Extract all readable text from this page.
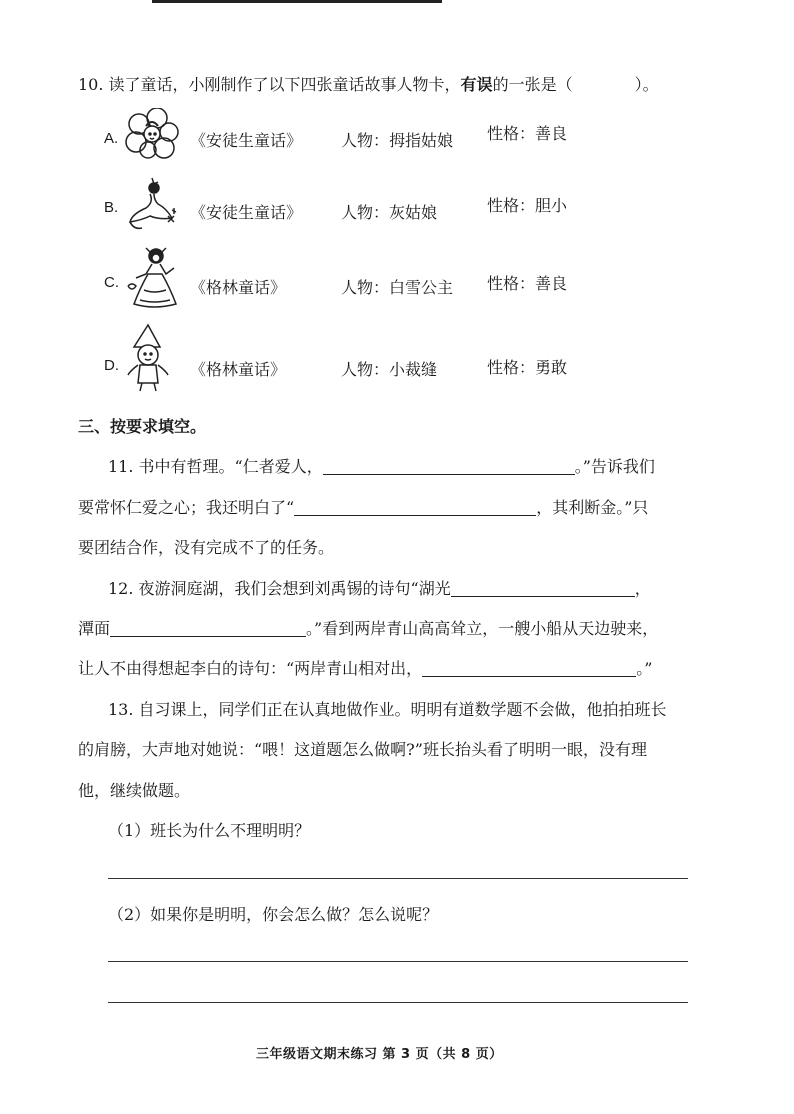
10. 读了童话，小刚制作了以下四张童话故事人物卡，有误的一张是（	）。
A.	《安徒生童话》 人物：拇指姑娘 性格：善良
B.	《安徒生童话》 人物：灰姑娘	性格：胆小
C.	《格林童话》	人物：白雪公主 性格：善良
D.	《格林童话》	人物：小裁缝	性格：勇敢
三、按要求填空。
11. 书中有哲理。“仁者爱人，	。”告诉我们
要常怀仁爱之心；我还明白了“	，其利断金。”只
要团结合作，没有完成不了的任务。
12. 夜游洞庭湖，我们会想到刘禹锡的诗句“湖光	，
潭面	。”看到两岸青山高高耸立，一艘小船从天边驶来，
让人不由得想起李白的诗句：“两岸青山相对出，	。”
13. 自习课上，同学们正在认真地做作业。明明有道数学题不会做，他拍拍班长
的肩膀，大声地对她说：“喂！这道题怎么做啊?”班长抬头看了明明一眼，没有理
他，继续做题。
（1）班长为什么不理明明？
（2）如果你是明明，你会怎么做？怎么说呢？
三年级语文期末练习 第 3 页（共 8 页）
